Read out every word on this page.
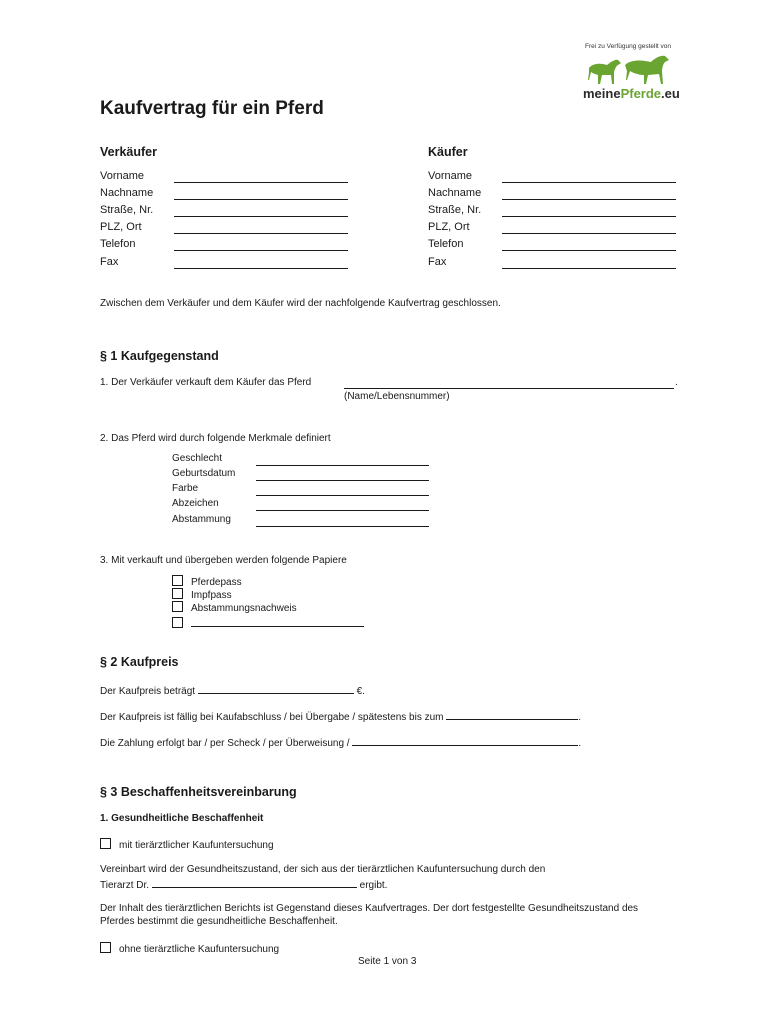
Frei zu Verfügung gestellt von
meinePferde.eu
Kaufvertrag für ein Pferd
Verkäufer	Käufer
Vorname
Nachname
Straße, Nr.
PLZ, Ort
Telefon
Fax
Vorname
Nachname
Straße, Nr.
PLZ, Ort
Telefon
Fax
Zwischen dem Verkäufer und dem Käufer wird der nachfolgende Kaufvertrag geschlossen.
§ 1 Kaufgegenstand
1. Der Verkäufer verkauft dem Käufer das Pferd	.
(Name/Lebensnummer)
2. Das Pferd wird durch folgende Merkmale definiert
Geschlecht
Geburtsdatum
Farbe
Abzeichen
Abstammung
3. Mit verkauft und übergeben werden folgende Papiere
Pferdepass
Impfpass
Abstammungsnachweis
§ 2 Kaufpreis
Der Kaufpreis beträgt	€.
Der Kaufpreis ist fällig bei Kaufabschluss / bei Übergabe / spätestens bis zum	.
Die Zahlung erfolgt bar / per Scheck / per Überweisung /	.
§ 3 Beschaffenheitsvereinbarung
1. Gesundheitliche Beschaffenheit
mit tierärztlicher Kaufuntersuchung
Vereinbart wird der Gesundheitszustand, der sich aus der tierärztlichen Kaufuntersuchung durch den
Tierarzt Dr.	ergibt.
Der Inhalt des tierärztlichen Berichts ist Gegenstand dieses Kaufvertrages. Der dort festgestellte Gesundheitszustand des
Pferdes bestimmt die gesundheitliche Beschaffenheit.
ohne tierärztliche Kaufuntersuchung
Seite 1 von 3
